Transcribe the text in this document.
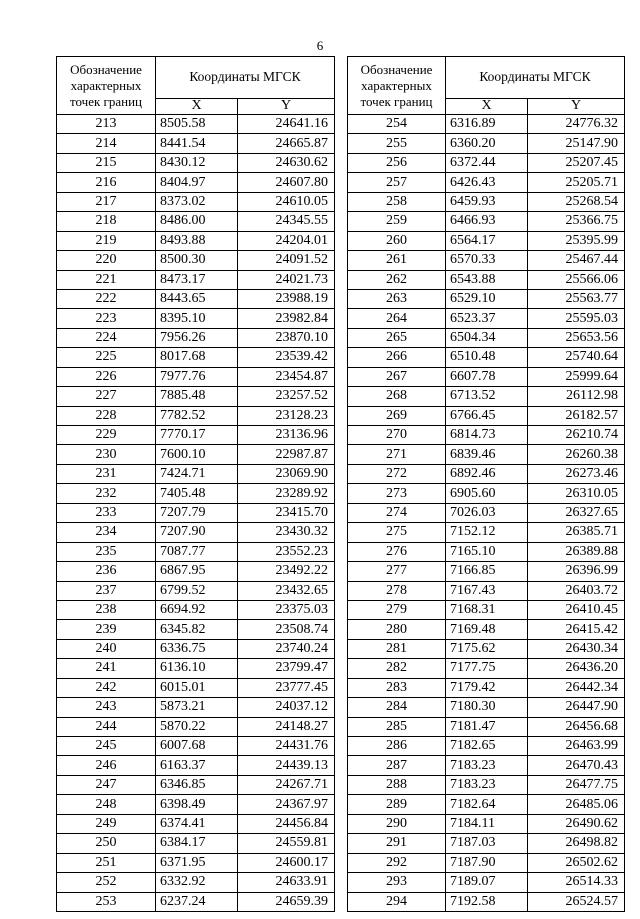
6
Обозначение характерных точек границ	Координаты МГСК	
	X	Y
213	8505.58	24641.16
214	8441.54	24665.87
215	8430.12	24630.62
216	8404.97	24607.80
217	8373.02	24610.05
218	8486.00	24345.55
219	8493.88	24204.01
220	8500.30	24091.52
221	8473.17	24021.73
222	8443.65	23988.19
223	8395.10	23982.84
224	7956.26	23870.10
225	8017.68	23539.42
226	7977.76	23454.87
227	7885.48	23257.52
228	7782.52	23128.23
229	7770.17	23136.96
230	7600.10	22987.87
231	7424.71	23069.90
232	7405.48	23289.92
233	7207.79	23415.70
234	7207.90	23430.32
235	7087.77	23552.23
236	6867.95	23492.22
237	6799.52	23432.65
238	6694.92	23375.03
239	6345.82	23508.74
240	6336.75	23740.24
241	6136.10	23799.47
242	6015.01	23777.45
243	5873.21	24037.12
244	5870.22	24148.27
245	6007.68	24431.76
246	6163.37	24439.13
247	6346.85	24267.71
248	6398.49	24367.97
249	6374.41	24456.84
250	6384.17	24559.81
251	6371.95	24600.17
252	6332.92	24633.91
253	6237.24	24659.39
Обозначение характерных точек границ	Координаты МГСК	
	X	Y
254	6316.89	24776.32
255	6360.20	25147.90
256	6372.44	25207.45
257	6426.43	25205.71
258	6459.93	25268.54
259	6466.93	25366.75
260	6564.17	25395.99
261	6570.33	25467.44
262	6543.88	25566.06
263	6529.10	25563.77
264	6523.37	25595.03
265	6504.34	25653.56
266	6510.48	25740.64
267	6607.78	25999.64
268	6713.52	26112.98
269	6766.45	26182.57
270	6814.73	26210.74
271	6839.46	26260.38
272	6892.46	26273.46
273	6905.60	26310.05
274	7026.03	26327.65
275	7152.12	26385.71
276	7165.10	26389.88
277	7166.85	26396.99
278	7167.43	26403.72
279	7168.31	26410.45
280	7169.48	26415.42
281	7175.62	26430.34
282	7177.75	26436.20
283	7179.42	26442.34
284	7180.30	26447.90
285	7181.47	26456.68
286	7182.65	26463.99
287	7183.23	26470.43
288	7183.23	26477.75
289	7182.64	26485.06
290	7184.11	26490.62
291	7187.03	26498.82
292	7187.90	26502.62
293	7189.07	26514.33
294	7192.58	26524.57
